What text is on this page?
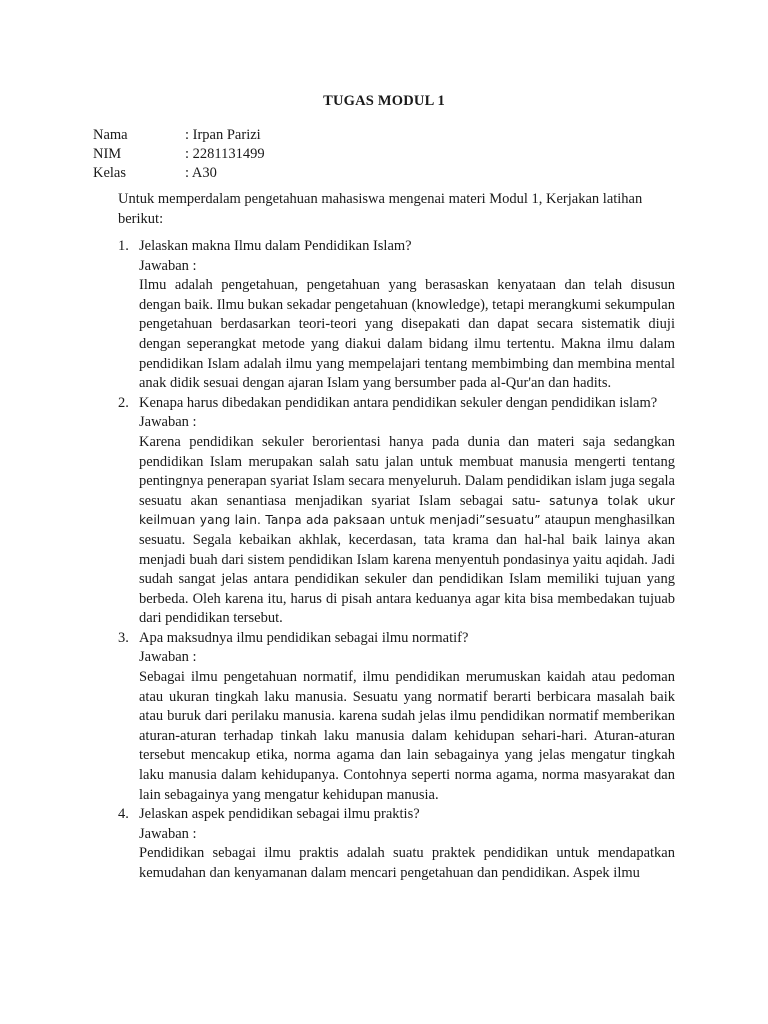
TUGAS MODUL 1
Nama	: Irpan Parizi
NIM	: 2281131499
Kelas	: A30
Untuk memperdalam pengetahuan mahasiswa mengenai materi Modul 1, Kerjakan latihan berikut:
1. Jelaskan makna Ilmu dalam Pendidikan Islam?
Jawaban :
Ilmu adalah pengetahuan, pengetahuan yang berasaskan kenyataan dan telah disusun dengan baik. Ilmu bukan sekadar pengetahuan (knowledge), tetapi merangkumi sekumpulan pengetahuan berdasarkan teori-teori yang disepakati dan dapat secara sistematik diuji dengan seperangkat metode yang diakui dalam bidang ilmu tertentu. Makna ilmu dalam pendidikan Islam adalah ilmu yang mempelajari tentang membimbing dan membina mental anak didik sesuai dengan ajaran Islam yang bersumber pada al-Qur'an dan hadits.
2. Kenapa harus dibedakan pendidikan antara pendidikan sekuler dengan pendidikan islam?
Jawaban :
Karena pendidikan sekuler berorientasi hanya pada dunia dan materi saja sedangkan pendidikan Islam merupakan salah satu jalan untuk membuat manusia mengerti tentang pentingnya penerapan syariat Islam secara menyeluruh. Dalam pendidikan islam juga segala sesuatu akan senantiasa menjadikan syariat Islam sebagai satu- satunya tolak ukur keilmuan yang lain. Tanpa ada paksaan untuk menjadi”sesuatu” ataupun menghasilkan sesuatu. Segala kebaikan akhlak, kecerdasan, tata krama dan hal-hal baik lainya akan menjadi buah dari sistem pendidikan Islam karena menyentuh pondasinya yaitu aqidah. Jadi sudah sangat jelas antara pendidikan sekuler dan pendidikan Islam memiliki tujuan yang berbeda. Oleh karena itu, harus di pisah antara keduanya agar kita bisa membedakan tujuab dari pendidikan tersebut.
3. Apa maksudnya ilmu pendidikan sebagai ilmu normatif?
Jawaban :
Sebagai ilmu pengetahuan normatif, ilmu pendidikan merumuskan kaidah atau pedoman atau ukuran tingkah laku manusia. Sesuatu yang normatif berarti berbicara masalah baik atau buruk dari perilaku manusia. karena sudah jelas ilmu pendidikan normatif memberikan aturan-aturan terhadap tinkah laku manusia dalam kehidupan sehari-hari. Aturan-aturan tersebut mencakup etika, norma agama dan lain sebagainya yang jelas mengatur tingkah laku manusia dalam kehidupanya. Contohnya seperti norma agama, norma masyarakat dan lain sebagainya yang mengatur kehidupan manusia.
4. Jelaskan aspek pendidikan sebagai ilmu praktis?
Jawaban :
Pendidikan sebagai ilmu praktis adalah suatu praktek pendidikan untuk mendapatkan kemudahan dan kenyamanan dalam mencari pengetahuan dan pendidikan. Aspek ilmu
